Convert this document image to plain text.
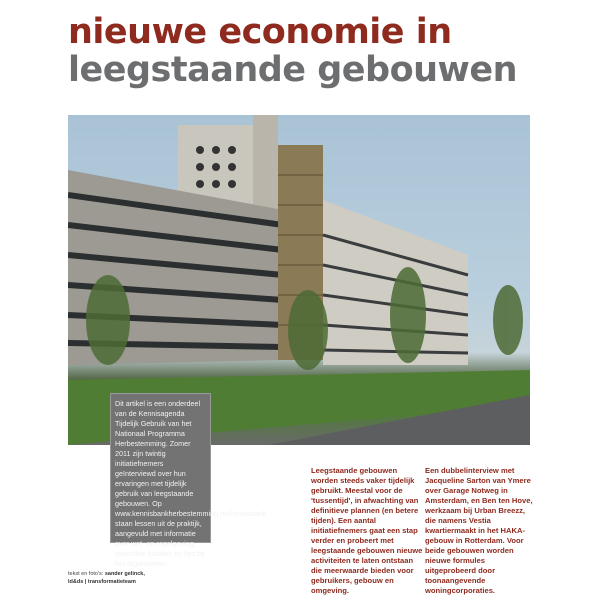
nieuwe economie in
leegstaande gebouwen
Dit artikel is een onderdeel van de Kennisagenda Tijdelijk Gebruik van het Nationaal Programma Herbestemming. Zomer 2011 zijn twintig initiatiefnemers geïnterviewd over hun ervaringen met tijdelijk gebruik van leegstaande gebouwen. Op www.kennisbankherbestemming.nu/kennisbank staan lessen uit de praktijk, aangevuld met informatie over wet- en regelgeving, geschikte functies en tips bij het organiseren.
Leegstaande gebouwen worden steeds vaker tijdelijk gebruikt. Meestal voor de 'tussentijd', in afwachting van definitieve plannen (en betere tijden). Een aantal initiatiefnemers gaat een stap verder en probeert met leegstaande gebouwen nieuwe activiteiten te laten ontstaan die meerwaarde bieden voor gebruikers, gebouw en omgeving.
Een dubbelinterview met Jacqueline Sarton van Ymere over Garage Notweg in Amsterdam, en Ben ten Hove, werkzaam bij Urban Breezz, die namens Vestia kwartiermaakt in het HAKA-gebouw in Rotterdam. Voor beide gebouwen worden nieuwe formules uitgeprobeerd door toonaangevende woningcorporaties.
tekst en foto's: sander gelinck,
ld&ds | transformatieteam
